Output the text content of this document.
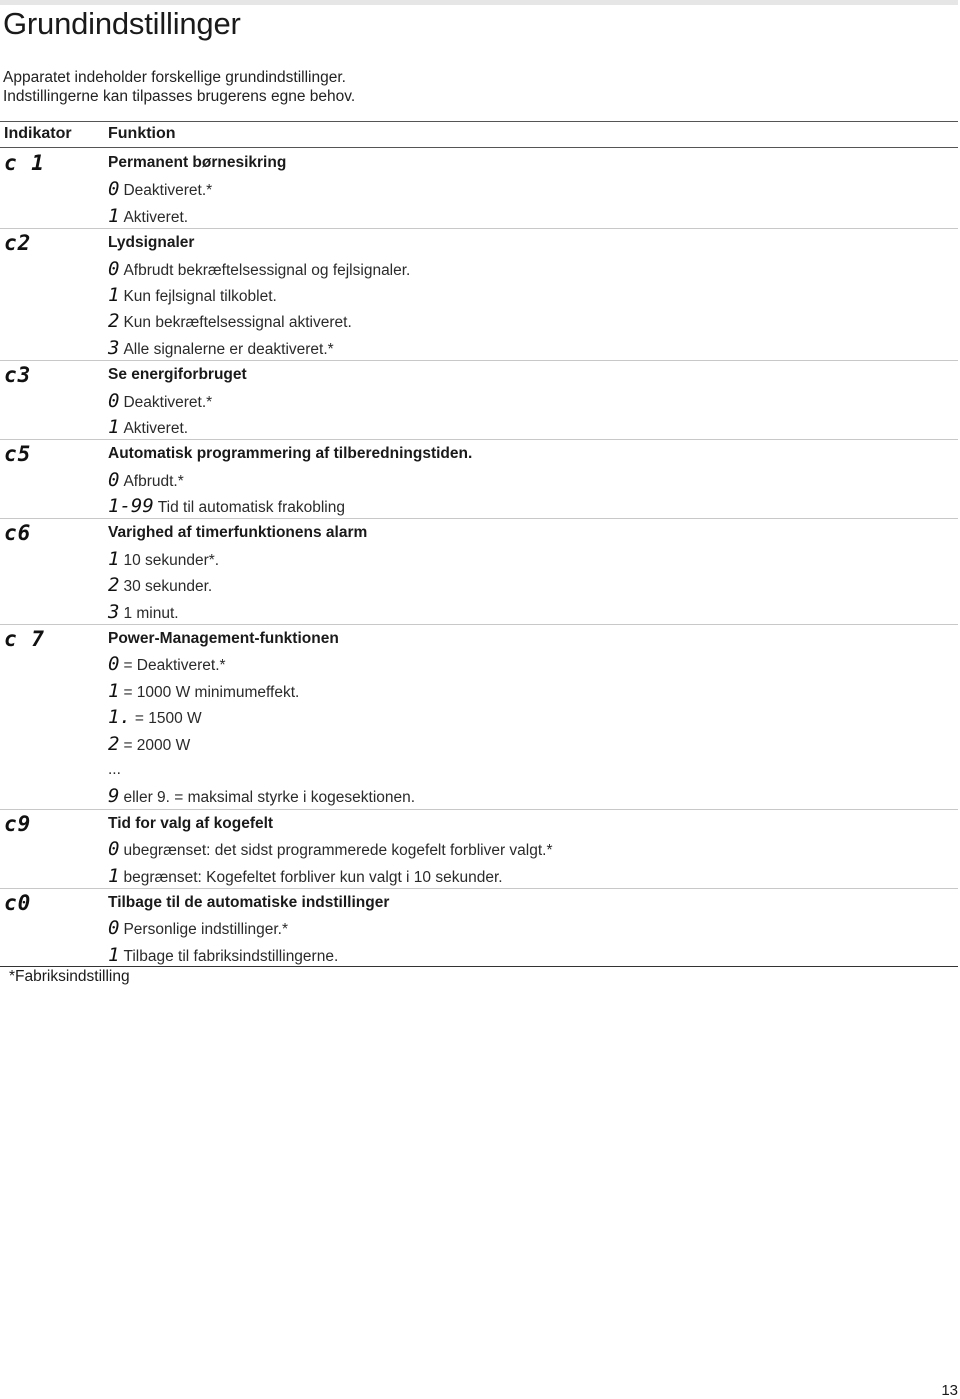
Grundindstillinger
Apparatet indeholder forskellige grundindstillinger.
Indstillingerne kan tilpasses brugerens egne behov.
Indikator Funktion
c 1	Permanent børnesikring
0 Deaktiveret.*
1 Aktiveret.
c2	Lydsignaler
0 Afbrudt bekræftelsessignal og fejlsignaler.
1 Kun fejlsignal tilkoblet.
2 Kun bekræftelsessignal aktiveret.
3 Alle signalerne er deaktiveret.*
c3	Se energiforbruget
0 Deaktiveret.*
1 Aktiveret.
c5	Automatisk programmering af tilberedningstiden.
0 Afbrudt.*
1-99 Tid til automatisk frakobling
c6	Varighed af timerfunktionens alarm
1 10 sekunder*.
2 30 sekunder.
3 1 minut.
c 7	Power-Management-funktionen
0 = Deaktiveret.*
1 = 1000 W minimumeffekt.
1. = 1500 W
2 = 2000 W
...
9 eller 9. = maksimal styrke i kogesektionen.
c9	Tid for valg af kogefelt
0 ubegrænset: det sidst programmerede kogefelt forbliver valgt.*
1 begrænset: Kogefeltet forbliver kun valgt i 10 sekunder.
c0	Tilbage til de automatiske indstillinger
0 Personlige indstillinger.*
1 Tilbage til fabriksindstillingerne.
*Fabriksindstilling
13
